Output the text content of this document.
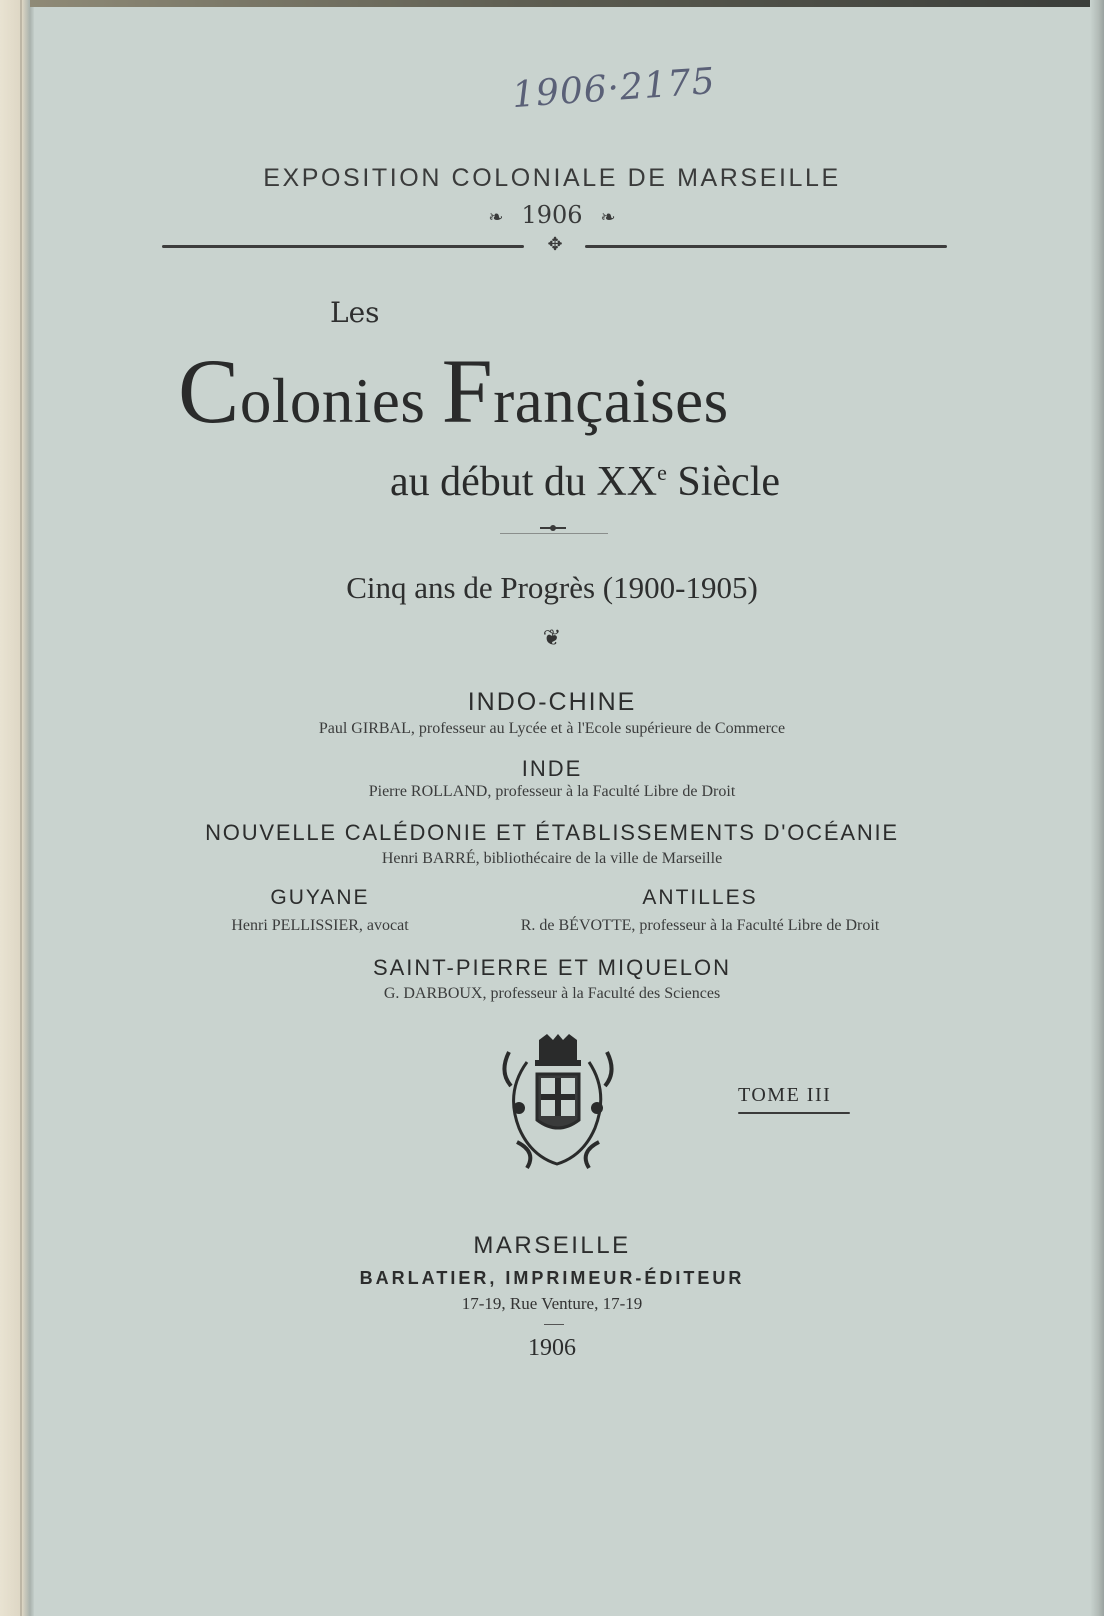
1906·2175
EXPOSITION COLONIALE DE MARSEILLE
❧ 1906 ❧
✥
Les
Colonies Françaises
au début du XXe Siècle
Cinq ans de Progrès (1900-1905)
❦
INDO-CHINE
Paul GIRBAL, professeur au Lycée et à l'Ecole supérieure de Commerce
INDE
Pierre ROLLAND, professeur à la Faculté Libre de Droit
NOUVELLE CALÉDONIE ET ÉTABLISSEMENTS D'OCÉANIE
Henri BARRÉ, bibliothécaire de la ville de Marseille
GUYANE
Henri PELLISSIER, avocat
ANTILLES
R. de BÉVOTTE, professeur à la Faculté Libre de Droit
SAINT-PIERRE ET MIQUELON
G. DARBOUX, professeur à la Faculté des Sciences
TOME III
MARSEILLE
BARLATIER, IMPRIMEUR-ÉDITEUR
17-19, Rue Venture, 17-19
1906
